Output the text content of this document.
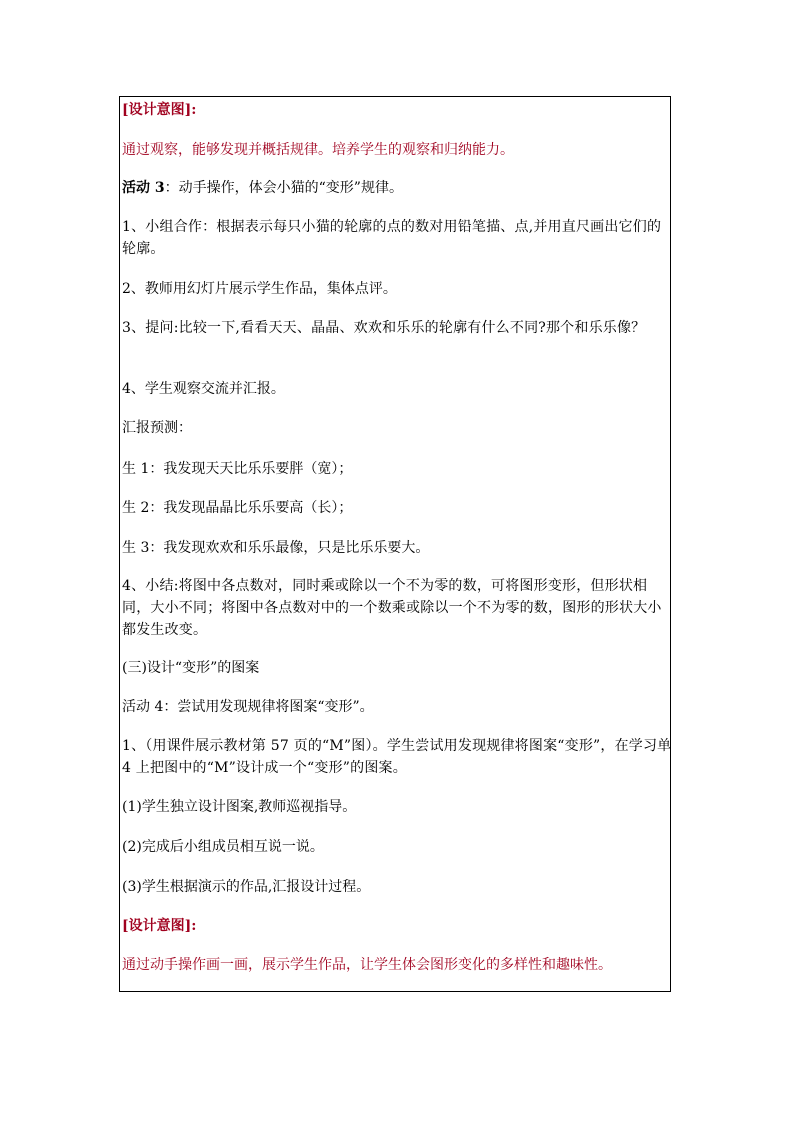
[设计意图]:
通过观察，能够发现并概括规律。培养学生的观察和归纳能力。
活动 3：动手操作，体会小猫的“变形”规律。
1、小组合作：根据表示每只小猫的轮廓的点的数对用铅笔描、点,并用直尺画出它们的轮廓。
2、教师用幻灯片展示学生作品，集体点评。
3、提问:比较一下,看看天天、晶晶、欢欢和乐乐的轮廓有什么不同?那个和乐乐像？
4、学生观察交流并汇报。
汇报预测：
生 1：我发现天天比乐乐要胖（宽）；
生 2：我发现晶晶比乐乐要高（长）；
生 3：我发现欢欢和乐乐最像，只是比乐乐要大。
4、小结:将图中各点数对，同时乘或除以一个不为零的数，可将图形变形，但形状相同，大小不同；将图中各点数对中的一个数乘或除以一个不为零的数，图形的形状大小都发生改变。
(三)设计“变形”的图案
活动 4：尝试用发现规律将图案“变形”。
1、（用课件展示教材第 57 页的“M”图）。学生尝试用发现规律将图案“变形”，在学习单 4 上把图中的“M”设计成一个“变形”的图案。
(1)学生独立设计图案,教师巡视指导。
(2)完成后小组成员相互说一说。
(3)学生根据演示的作品,汇报设计过程。
[设计意图]:
通过动手操作画一画，展示学生作品，让学生体会图形变化的多样性和趣味性。
